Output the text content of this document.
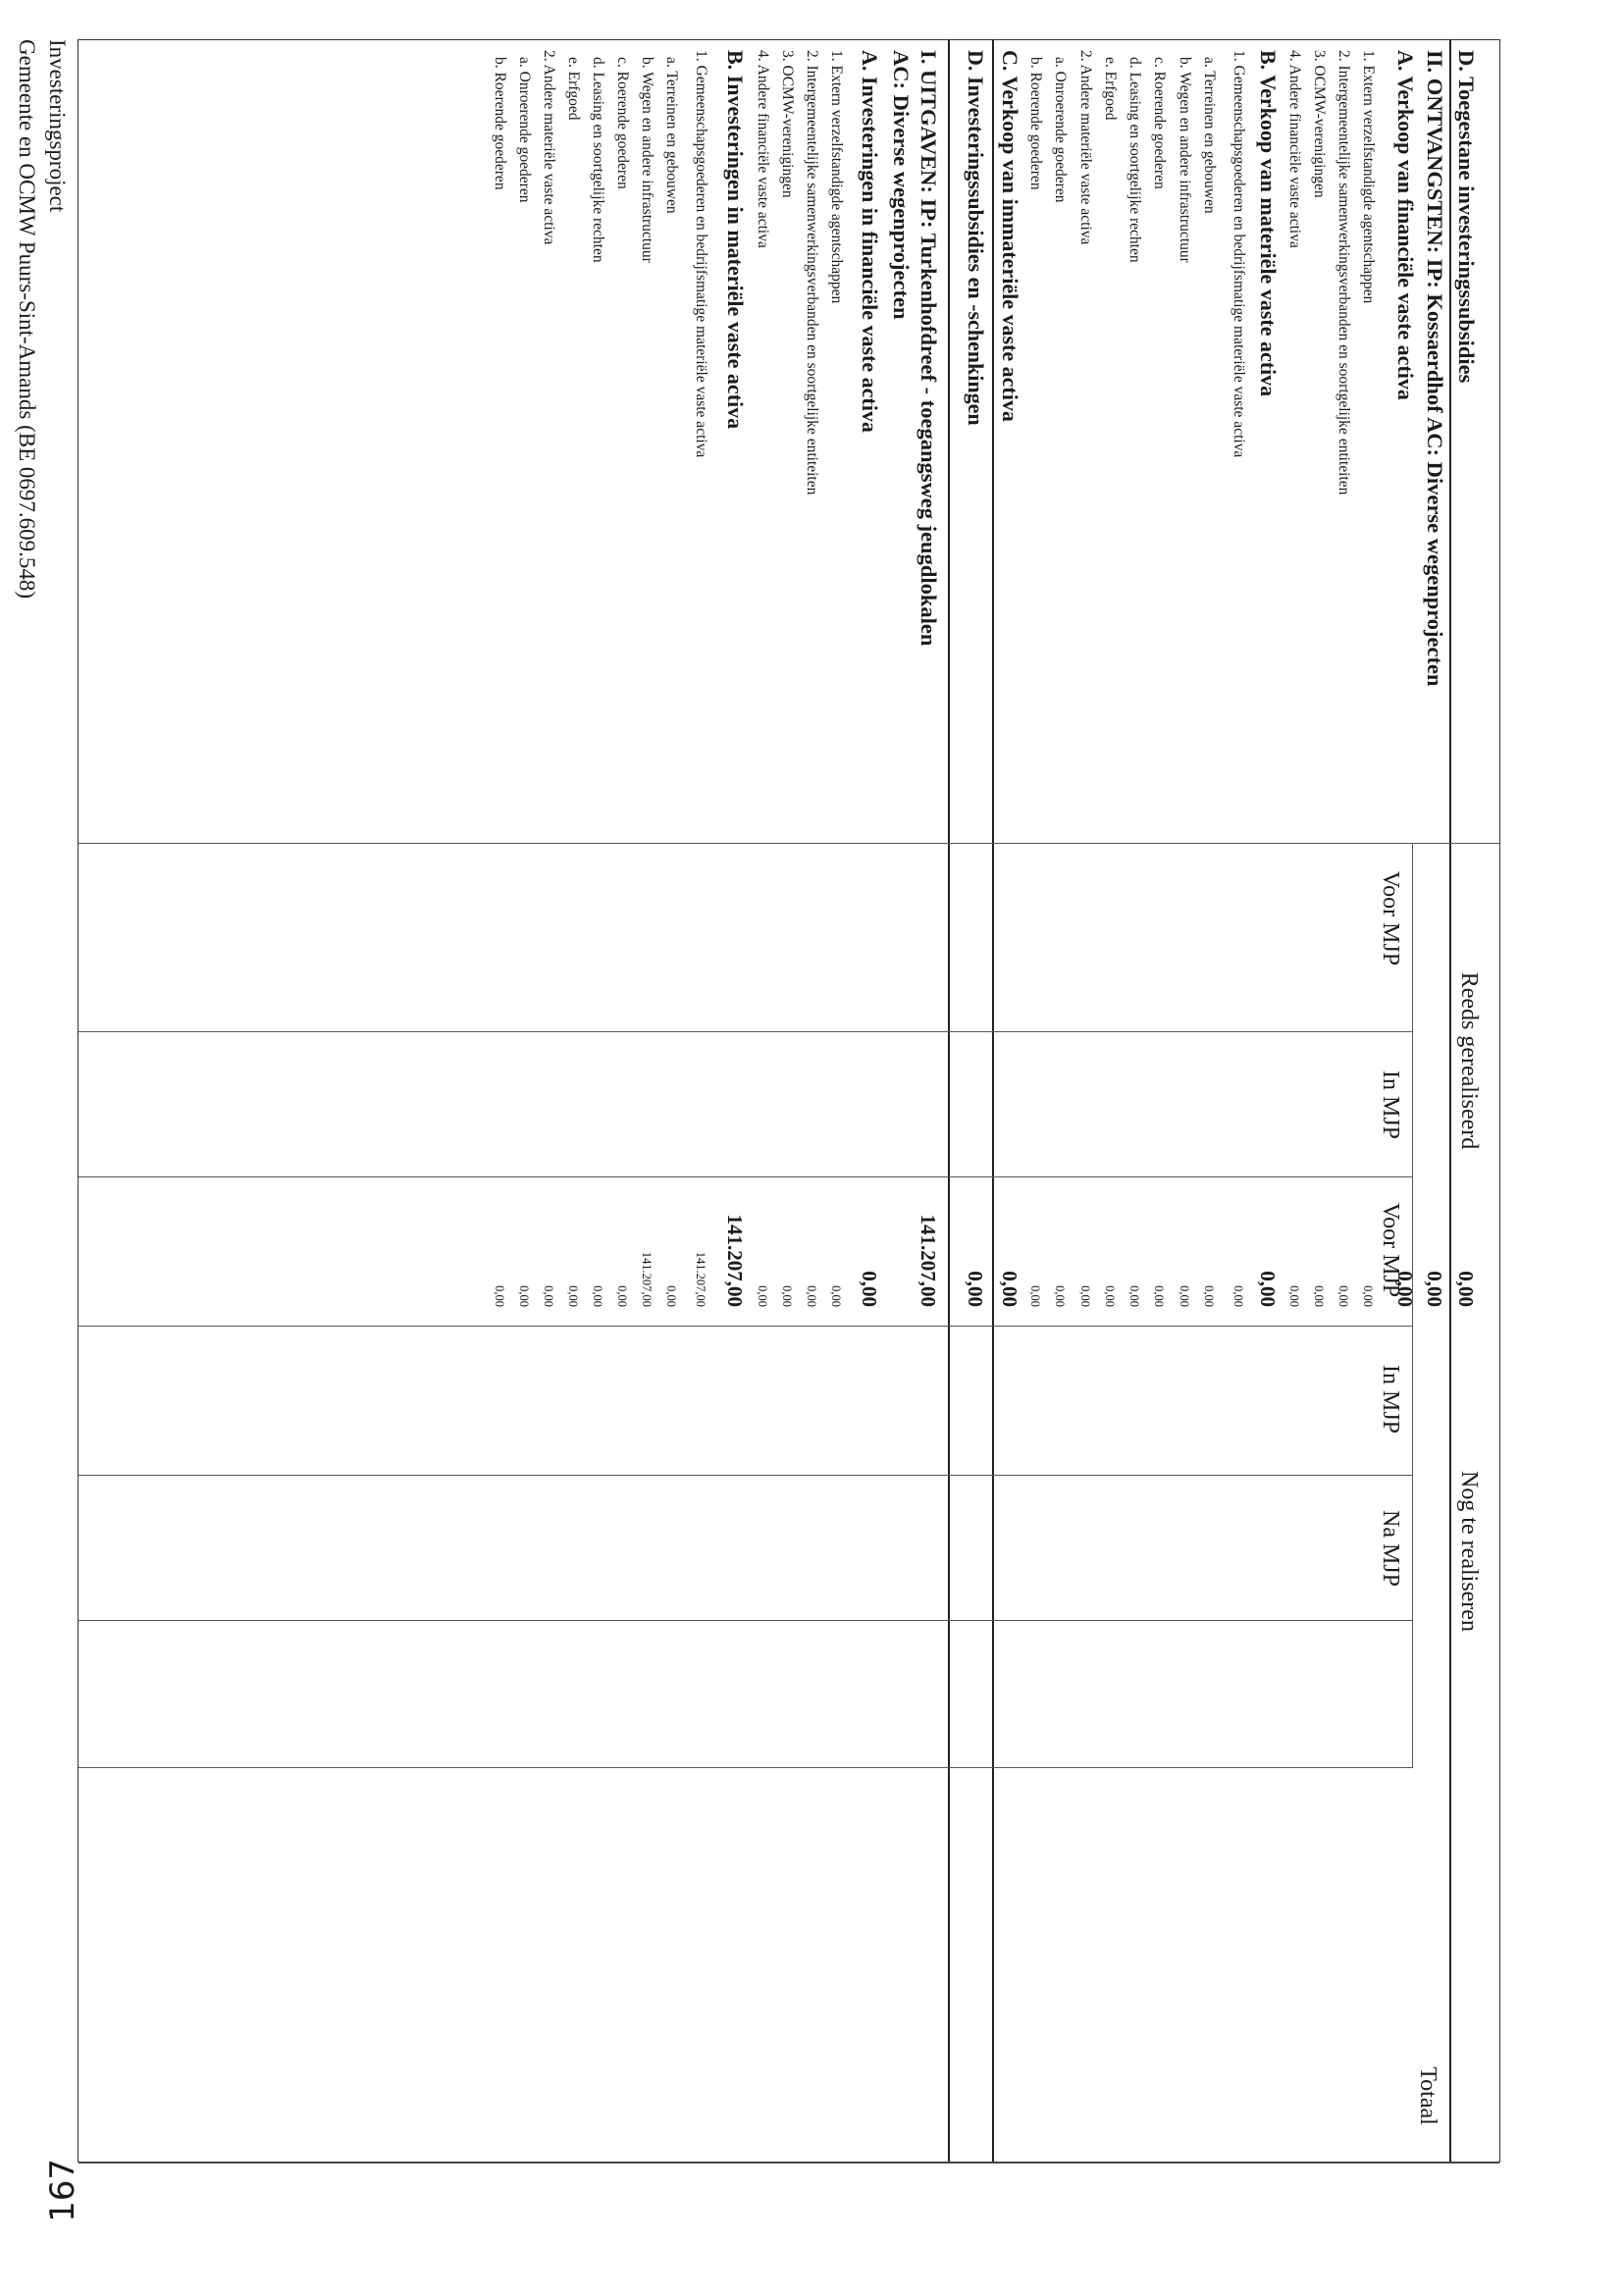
Reeds gerealiseerd
Nog te realiseren
Voor MJP
In MJP
Voor MJP
In MJP
Na MJP
Totaal
D. Toegestane investeringssubsidies
0,00
II. ONTVANGSTEN: IP: Kossaerdhof AC: Diverse wegenprojecten
0,00
A. Verkoop van financiële vaste activa
0,00
1. Extern verzelfstandigde agentschappen
0,00
2. Intergemeentelijke samenwerkingsverbanden en soortgelijke entiteiten
0,00
3. OCMW-verenigingen
0,00
4. Andere financiële vaste activa
0,00
B. Verkoop van materiële vaste activa
0,00
1. Gemeenschapsgoederen en bedrijfsmatige materiële vaste activa
0,00
a. Terreinen en gebouwen
0,00
b. Wegen en andere infrastructuur
0,00
c. Roerende goederen
0,00
d. Leasing en soortgelijke rechten
0,00
e. Erfgoed
0,00
2. Andere materiële vaste activa
0,00
a. Onroerende goederen
0,00
b. Roerende goederen
0,00
C. Verkoop van immateriële vaste activa
0,00
D. Investeringssubsidies en -schenkingen
0,00
I. UITGAVEN: IP: Turkenhofdreef - toegangsweg jeugdlokalen
141.207,00
AC: Diverse wegenprojecten
A. Investeringen in financiële vaste activa
0,00
1. Extern verzelfstandigde agentschappen
0,00
2. Intergemeentelijke samenwerkingsverbanden en soortgelijke entiteiten
0,00
3. OCMW-verenigingen
0,00
4. Andere financiële vaste activa
0,00
B. Investeringen in materiële vaste activa
141.207,00
1. Gemeenschapsgoederen en bedrijfsmatige materiële vaste activa
141.207,00
a. Terreinen en gebouwen
0,00
b. Wegen en andere infrastructuur
141.207,00
c. Roerende goederen
0,00
d. Leasing en soortgelijke rechten
0,00
e. Erfgoed
0,00
2. Andere materiële vaste activa
0,00
a. Onroerende goederen
0,00
b. Roerende goederen
0,00
Investeringsproject
Gemeente en OCMW Puurs-Sint-Amands (BE 0697.609.548)
167
